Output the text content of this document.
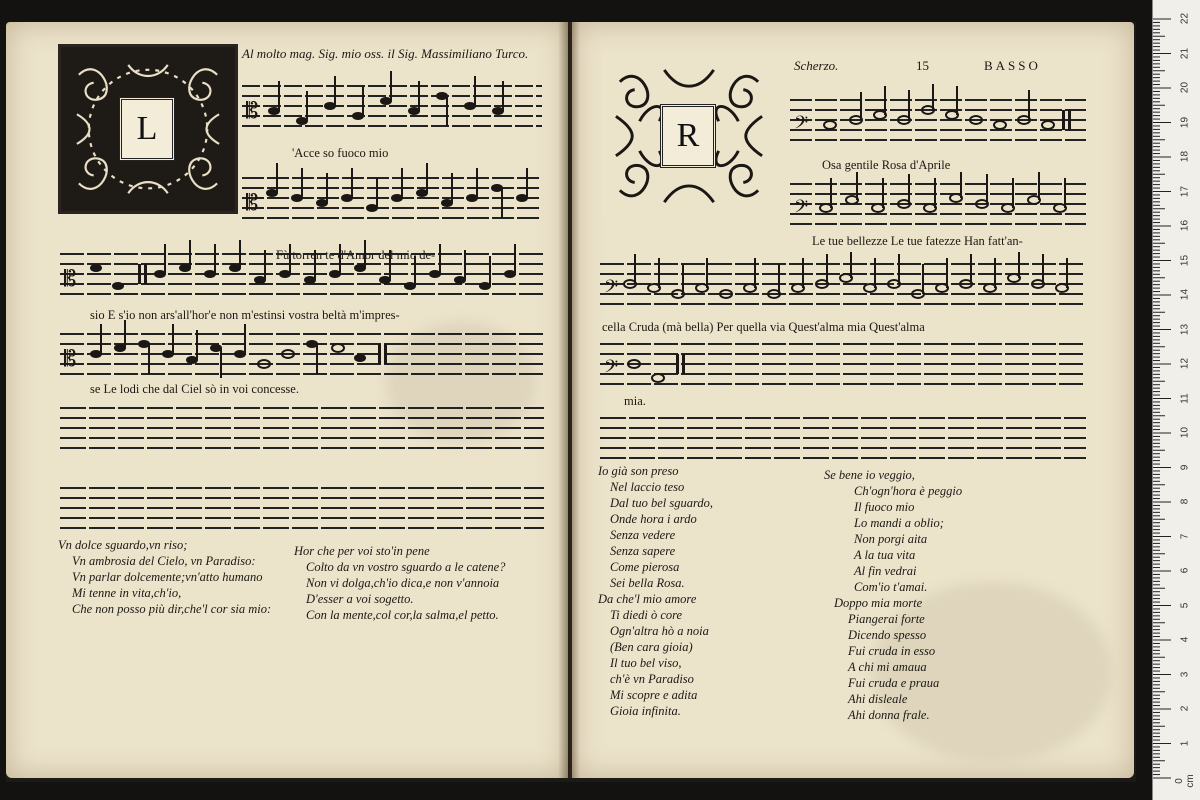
L
Al molto mag. Sig. mio oss. il Sig. Massimiliano Turco.
𝄡
'Acce so fuoco mio
𝄡
Fù torren te d'Amor del mio de-
𝄡
sio E s'io non ars'all'hor'e non m'estinsi vostra beltà m'impres-
𝄡
se Le lodi che dal Ciel sò in voi concesse.
Vn dolce sguardo,vn riso;
Vn ambrosia del Cielo, vn Paradiso:
Vn parlar dolcemente;vn'atto humano
Mi tenne in vita,ch'io,
Che non posso più dir,che'l cor sia mio:
Hor che per voi sto'in pene
Colto da vn vostro sguardo a le catene?
Non vi dolga,ch'io dica,e non v'annoia
D'esser a voi sogetto.
Con la mente,col cor,la salma,el petto.
R
Scherzo.	15	BASSO
𝄢
Osa gentile Rosa d'Aprile
𝄢
Le tue bellezze Le tue fatezze Han fatt'an-
𝄢
cella Cruda (mà bella) Per quella via Quest'alma mia Quest'alma
𝄢
mia.
Io già son preso
Nel laccio teso
Dal tuo bel sguardo,
Onde hora i ardo
Senza vedere
Senza sapere
Come pierosa
Sei bella Rosa.
Se bene io veggio,
Ch'ogn'hora è peggio
Il fuoco mio
Lo mandi a oblio;
Non porgi aita
A la tua vita
Al fin vedrai
Com'io t'amai.
Da che'l mio amore
Ti diedi ò core
Ogn'altra hò a noia
(Ben cara gioia)
Il tuo bel viso,
ch'è vn Paradiso
Mi scopre e adita
Gioia infinita.
Doppo mia morte
Piangerai forte
Dicendo spesso
Fui cruda in esso
A chi mi amaua
Fui cruda e praua
Ahi disleale
Ahi donna frale.
0 cm
1
2
3
4
5
6
7
8
9
10
11
12
13
14
15
16
17
18
19
20
21
22
